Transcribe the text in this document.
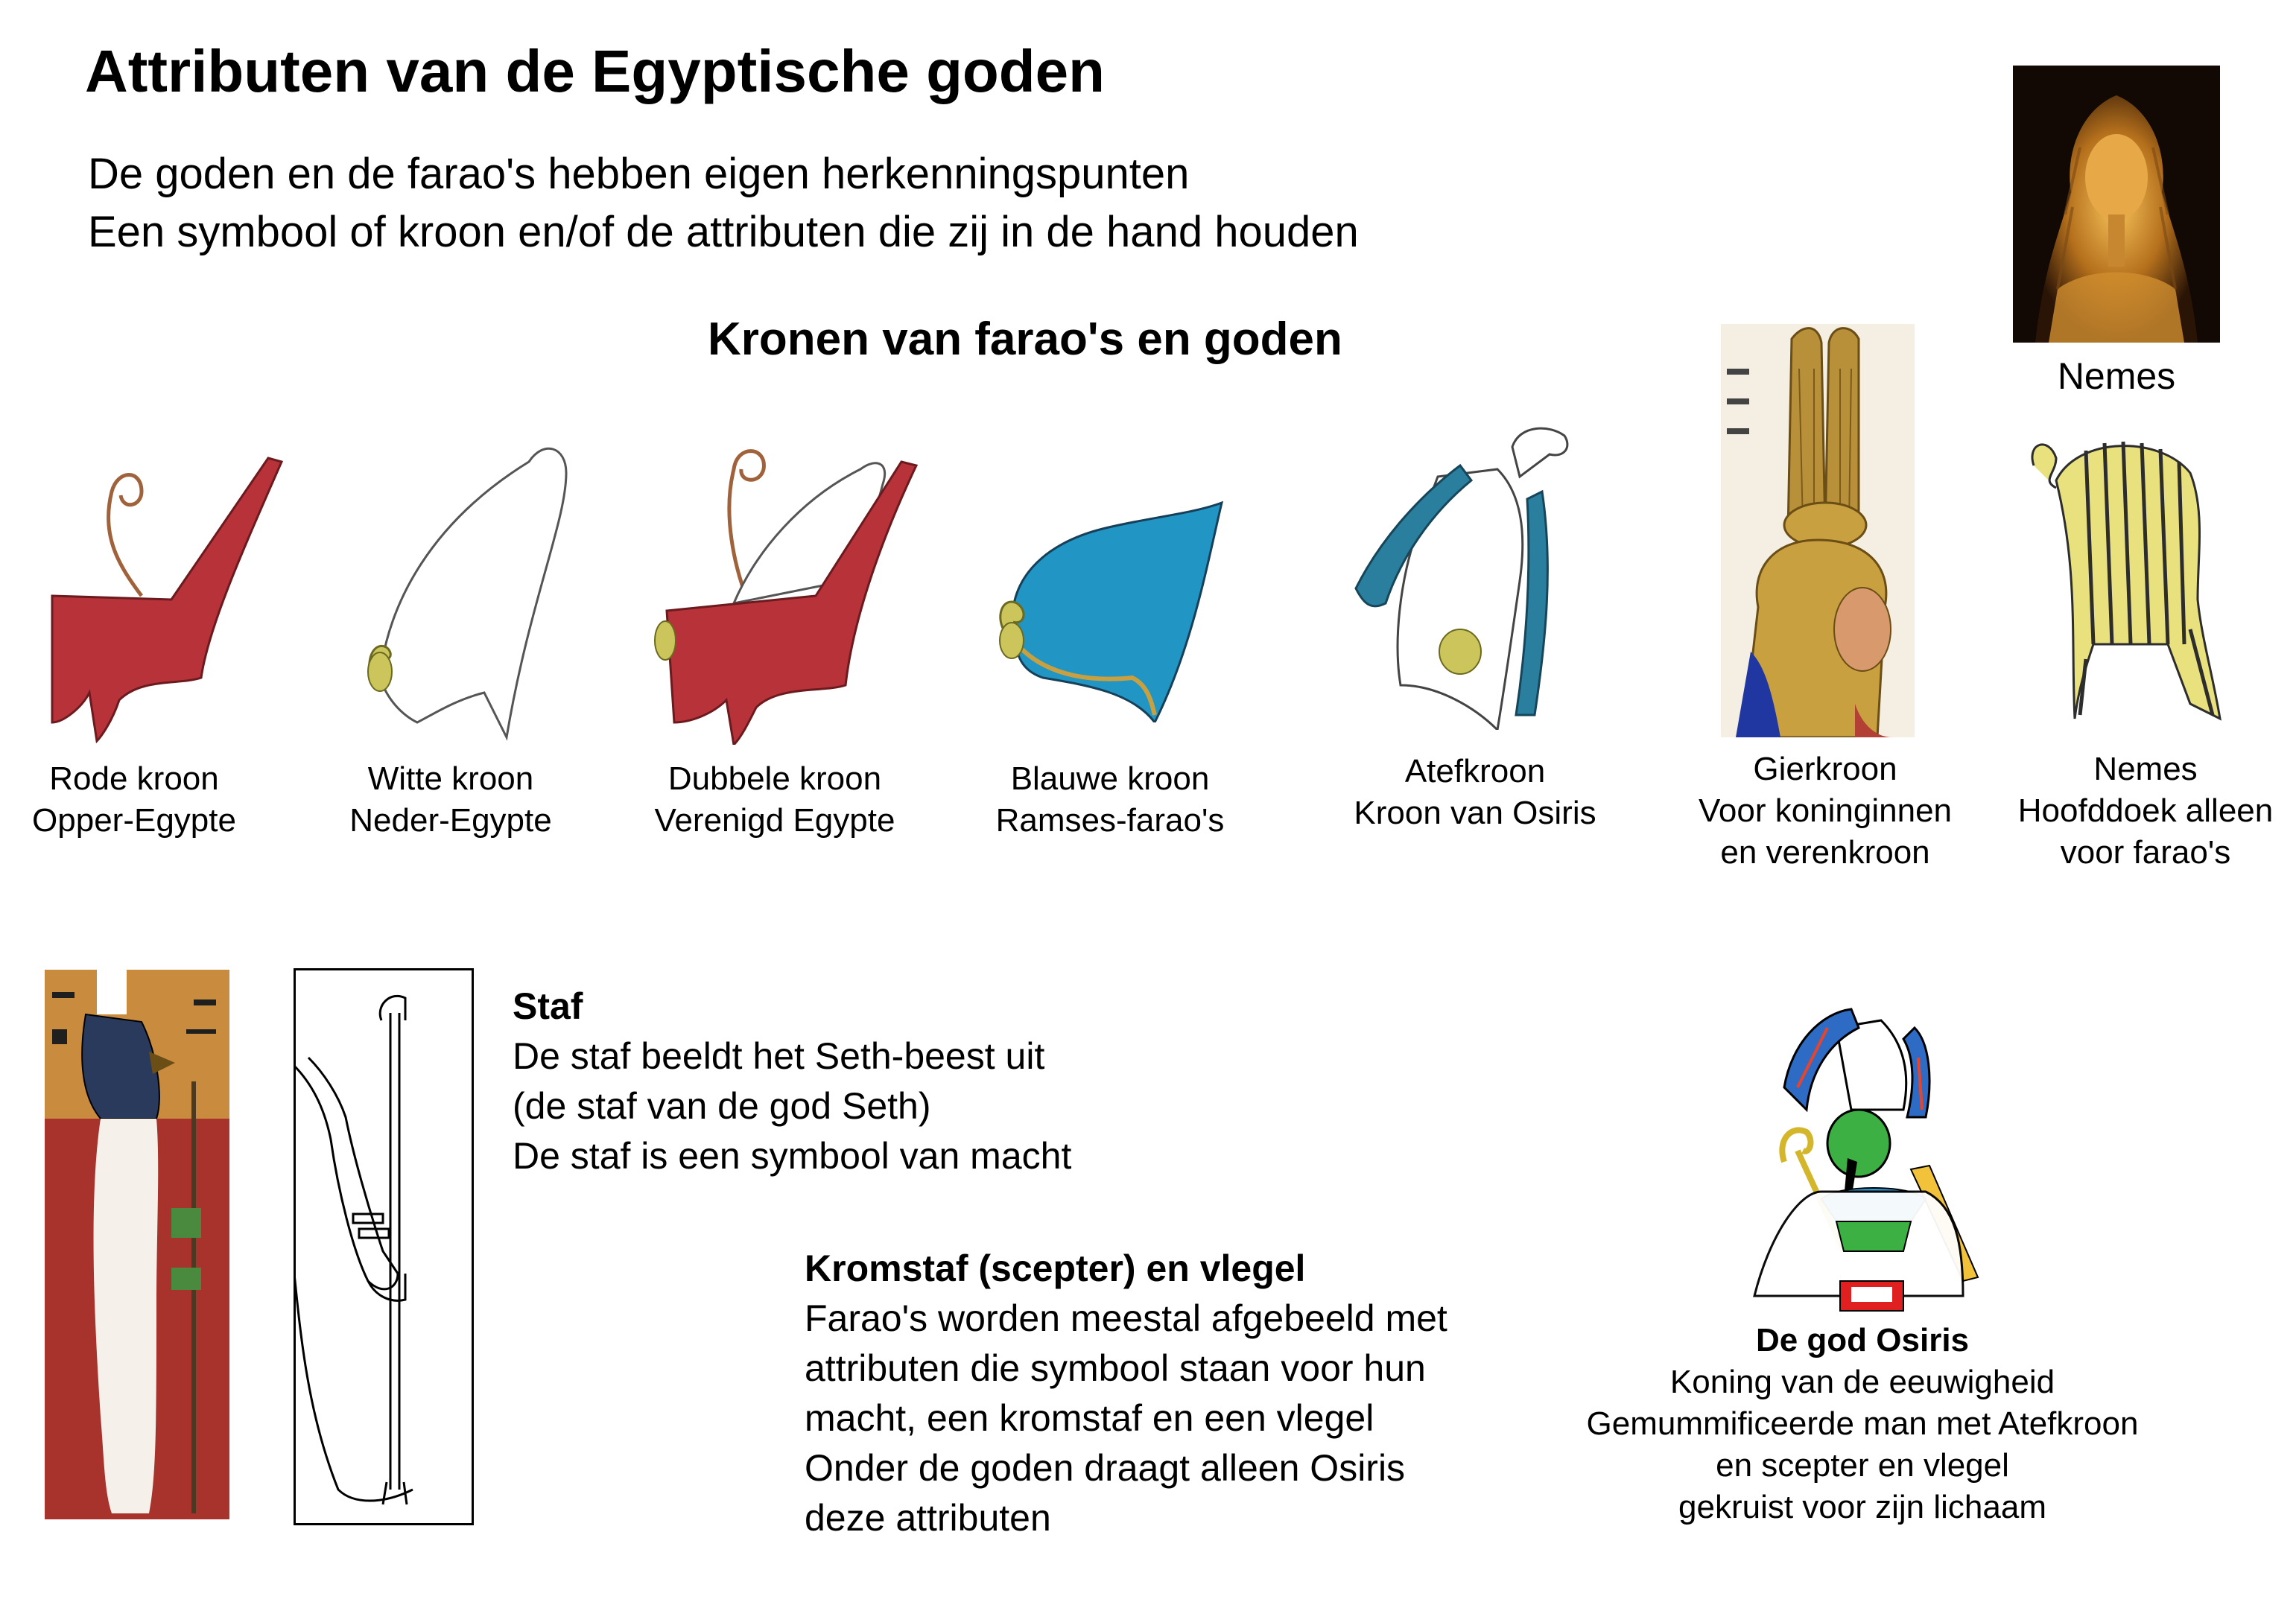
Attributen van de Egyptische goden
De goden en de farao's hebben eigen herkenningspunten
Een symbool of kroon en/of de attributen die zij in de hand houden
Kronen van farao's en goden
Nemes
Rode kroon
Opper-Egypte
Witte kroon
Neder-Egypte
Dubbele kroon
Verenigd Egypte
Blauwe kroon
Ramses-farao's
Atefkroon
Kroon van Osiris
Gierkroon
Voor koninginnen
en verenkroon
Nemes
Hoofddoek alleen
voor farao's
Staf
De staf beeldt het Seth-beest uit
(de staf van de god Seth)
De staf is een symbool van macht
Kromstaf (scepter) en vlegel
Farao's worden meestal afgebeeld met
attributen die symbool staan voor hun
macht, een kromstaf en een vlegel
Onder de goden draagt alleen Osiris
deze attributen
De god Osiris
Koning van de eeuwigheid
Gemummificeerde man met Atefkroon
en scepter en vlegel
gekruist voor zijn lichaam
